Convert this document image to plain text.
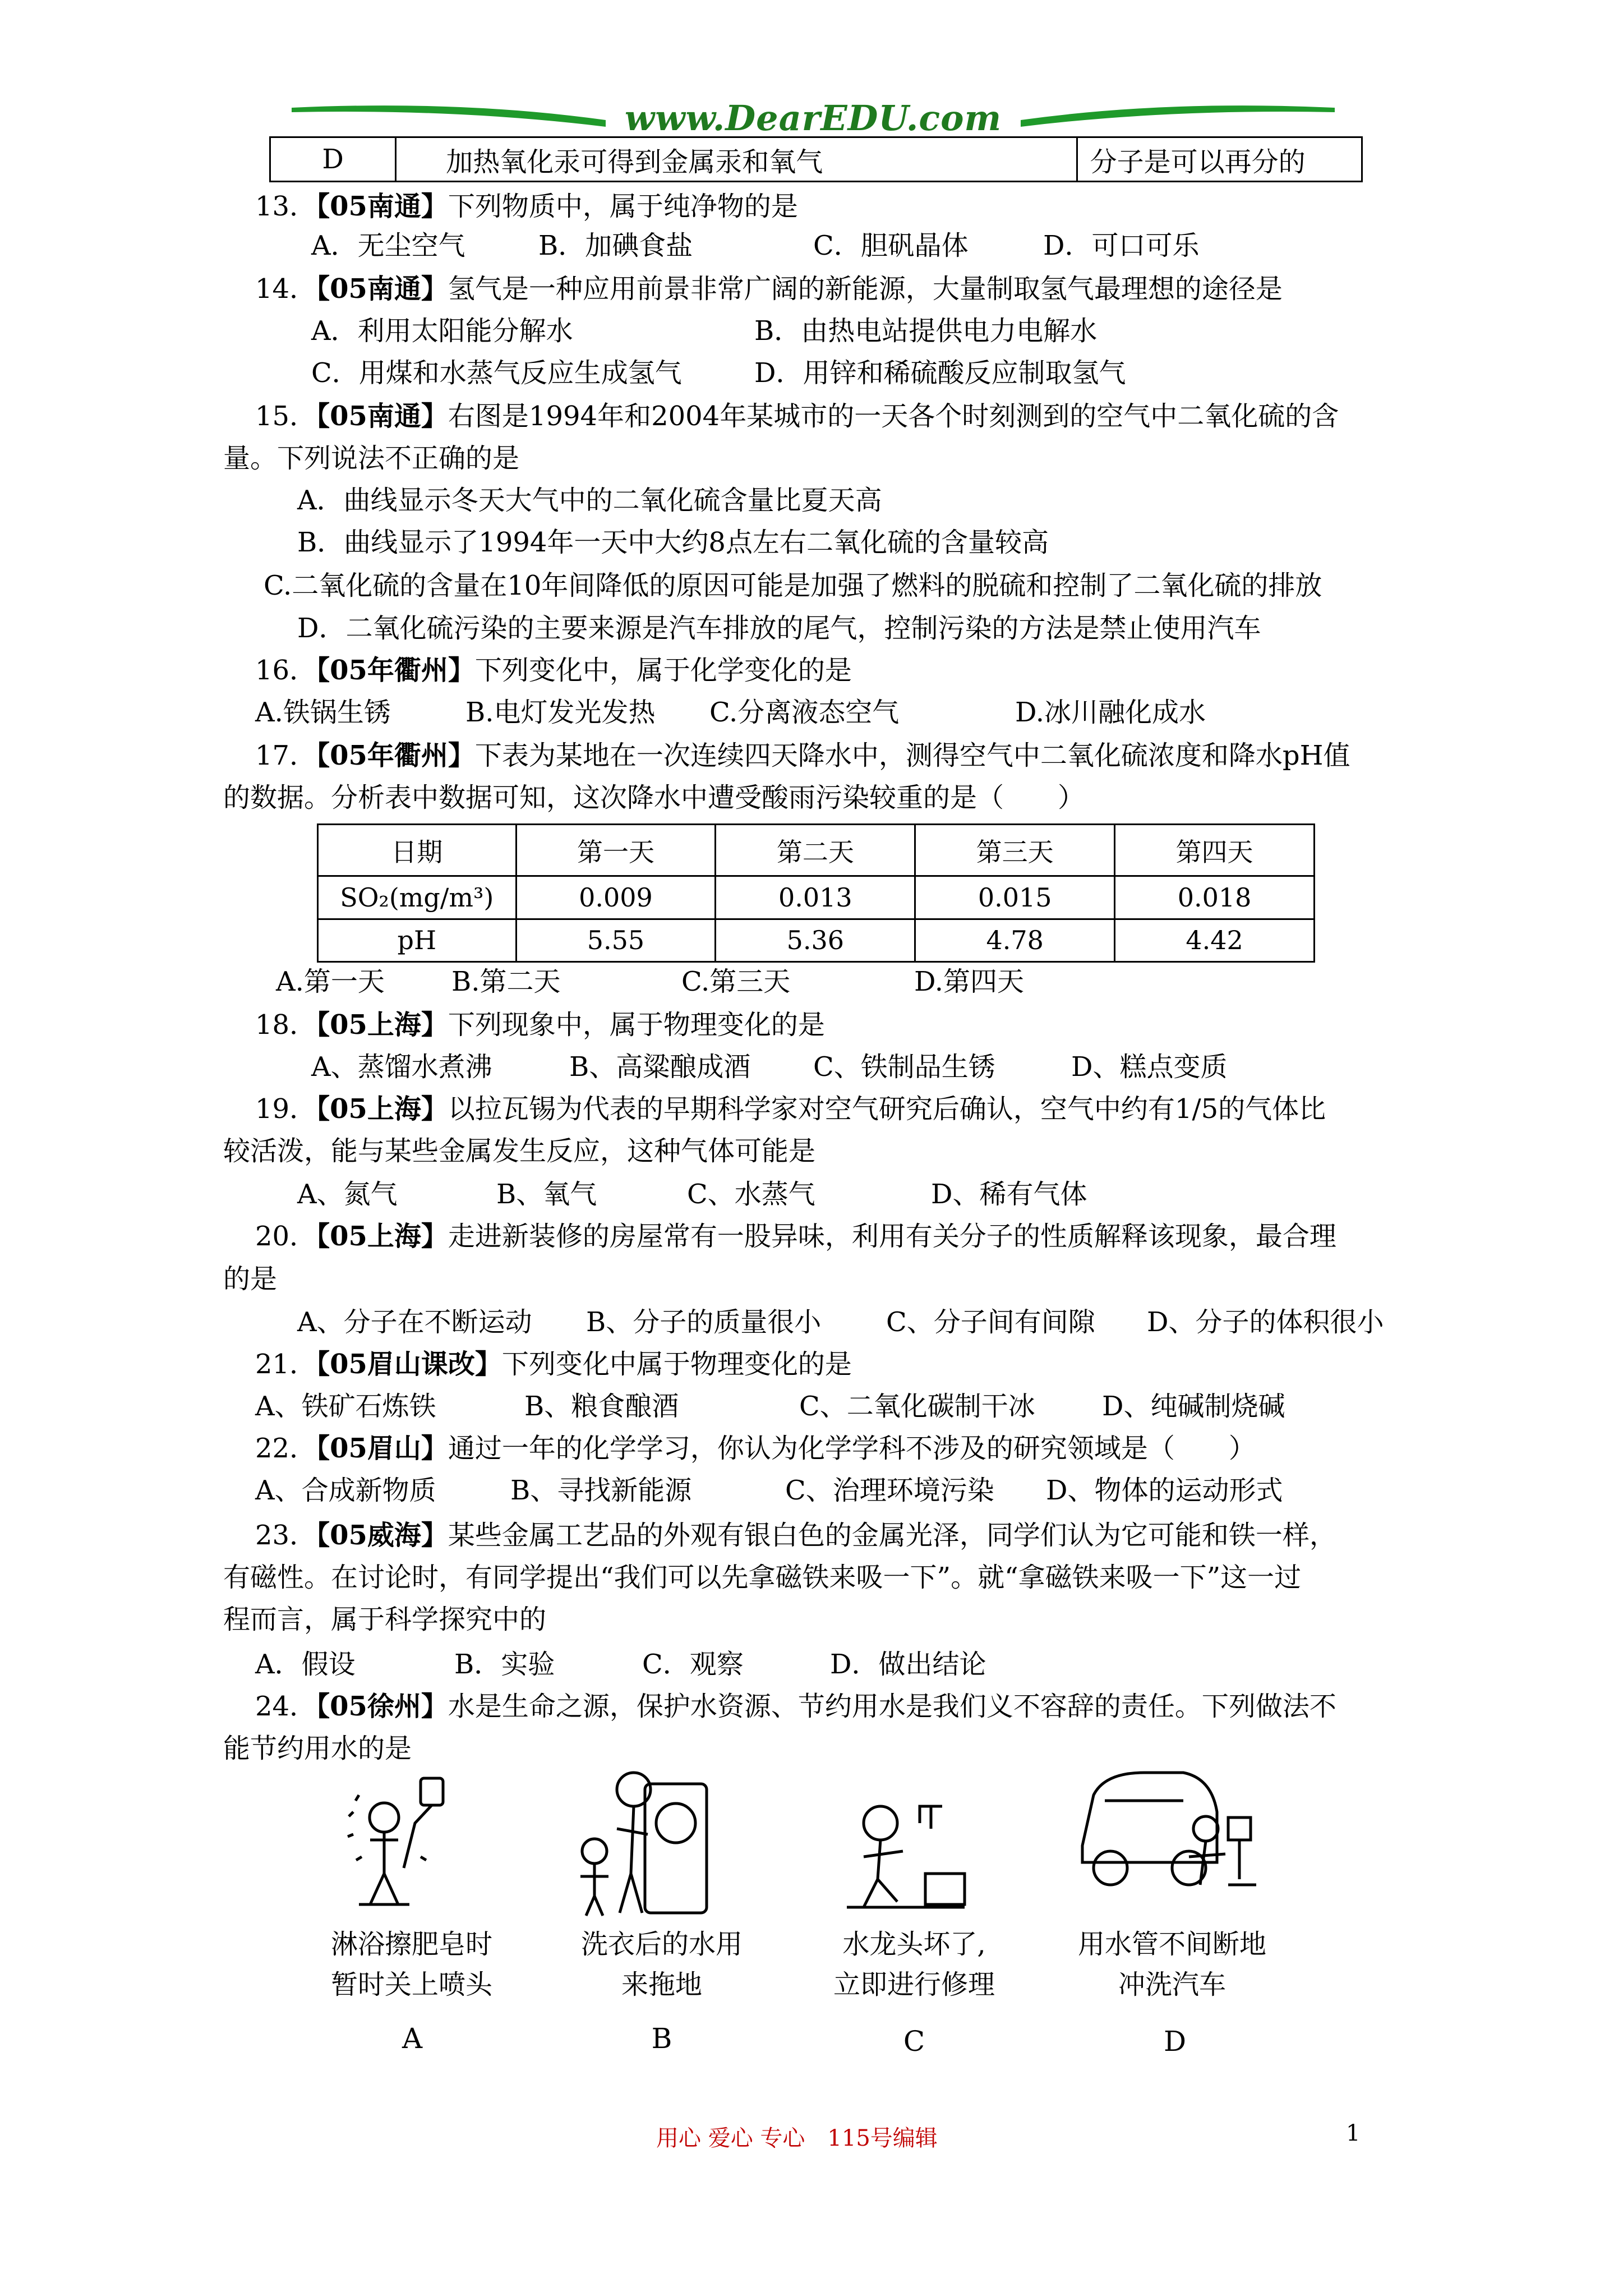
www.DearEDU.com
D	加热氧化汞可得到金属汞和氧气	分子是可以再分的
13．【05南通】下列物质中，属于纯净物的是
A．无尘空气	B．加碘食盐	C．胆矾晶体	D．可口可乐
14．【05南通】氢气是一种应用前景非常广阔的新能源，大量制取氢气最理想的途径是
A．利用太阳能分解水	B．由热电站提供电力电解水
C．用煤和水蒸气反应生成氢气	D．用锌和稀硫酸反应制取氢气
15．【05南通】右图是1994年和2004年某城市的一天各个时刻测到的空气中二氧化硫的含
量。下列说法不正确的是
A．曲线显示冬天大气中的二氧化硫含量比夏天高
B．曲线显示了1994年一天中大约8点左右二氧化硫的含量较高
C.二氧化硫的含量在10年间降低的原因可能是加强了燃料的脱硫和控制了二氧化硫的排放
D．二氧化硫污染的主要来源是汽车排放的尾气，控制污染的方法是禁止使用汽车
16．【05年衢州】下列变化中，属于化学变化的是
A.铁锅生锈	B.电灯发光发热 C.分离液态空气	D.冰川融化成水
17．【05年衢州】下表为某地在一次连续四天降水中，测得空气中二氧化硫浓度和降水pH值
的数据。分析表中数据可知，这次降水中遭受酸雨污染较重的是（　　）
日期	第一天	第二天	第三天	第四天
SO₂(mg/m³)	0.009	0.013	0.015	0.018
pH	5.55	5.36	4.78	4.42
A.第一天 B.第二天	C.第三天	D.第四天
18．【05上海】下列现象中，属于物理变化的是
A、蒸馏水煮沸	B、高粱酿成酒 C、铁制品生锈	D、糕点变质
19．【05上海】以拉瓦锡为代表的早期科学家对空气研究后确认，空气中约有1/5的气体比
较活泼，能与某些金属发生反应，这种气体可能是
A、氮气	B、氧气	C、水蒸气	D、稀有气体
20．【05上海】走进新装修的房屋常有一股异味，利用有关分子的性质解释该现象，最合理
的是
A、分子在不断运动 B、分子的质量很小 C、分子间有间隙 D、分子的体积很小
21．【05眉山课改】下列变化中属于物理变化的是
A、铁矿石炼铁	B、粮食酿酒	C、二氧化碳制干冰 D、纯碱制烧碱
22．【05眉山】通过一年的化学学习，你认为化学学科不涉及的研究领域是（　　）
A、合成新物质	B、寻找新能源	C、治理环境污染 D、物体的运动形式
23．【05威海】某些金属工艺品的外观有银白色的金属光泽，同学们认为它可能和铁一样，
有磁性。在讨论时，有同学提出“我们可以先拿磁铁来吸一下”。就“拿磁铁来吸一下”这一过
程而言，属于科学探究中的
A．假设	B．实验	C．观察	D．做出结论
24．【05徐州】水是生命之源，保护水资源、节约用水是我们义不容辞的责任。下列做法不
能节约用水的是
淋浴擦肥皂时
暂时关上喷头
洗衣后的水用
来拖地
水龙头坏了,
立即进行修理
用水管不间断地
冲洗汽车
A	B	C	D
用心 爱心 专心　115号编辑	1
